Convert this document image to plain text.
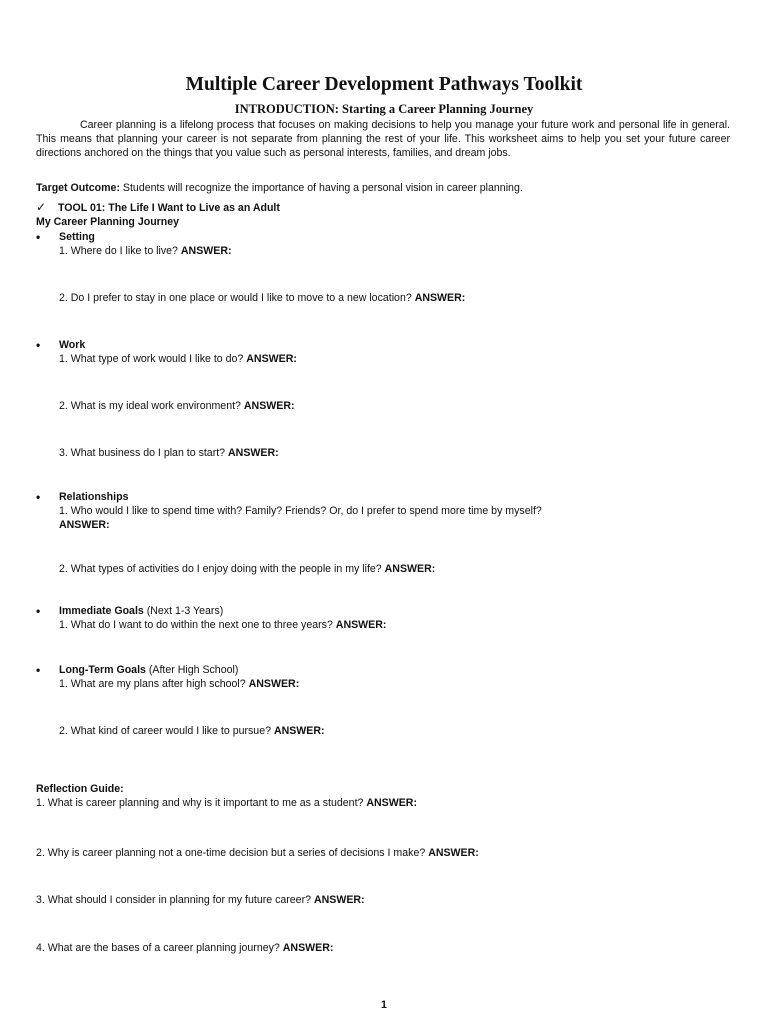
Multiple Career Development Pathways Toolkit
INTRODUCTION: Starting a Career Planning Journey
Career planning is a lifelong process that focuses on making decisions to help you manage your future work and personal life in general. This means that planning your career is not separate from planning the rest of your life. This worksheet aims to help you set your future career directions anchored on the things that you value such as personal interests, families, and dream jobs.
Target Outcome: Students will recognize the importance of having a personal vision in career planning.
✓ TOOL 01: The Life I Want to Live as an Adult
My Career Planning Journey
• Setting
1. Where do I like to live? ANSWER:
2. Do I prefer to stay in one place or would I like to move to a new location? ANSWER:
• Work
1. What type of work would I like to do? ANSWER:
2. What is my ideal work environment? ANSWER:
3. What business do I plan to start? ANSWER:
• Relationships
1. Who would I like to spend time with? Family? Friends? Or, do I prefer to spend more time by myself?
ANSWER:
2. What types of activities do I enjoy doing with the people in my life? ANSWER:
• Immediate Goals (Next 1-3 Years)
1. What do I want to do within the next one to three years? ANSWER:
• Long-Term Goals (After High School)
1. What are my plans after high school? ANSWER:
2. What kind of career would I like to pursue? ANSWER:
Reflection Guide:
1. What is career planning and why is it important to me as a student? ANSWER:
2. Why is career planning not a one-time decision but a series of decisions I make? ANSWER:
3. What should I consider in planning for my future career? ANSWER:
4. What are the bases of a career planning journey? ANSWER:
1
